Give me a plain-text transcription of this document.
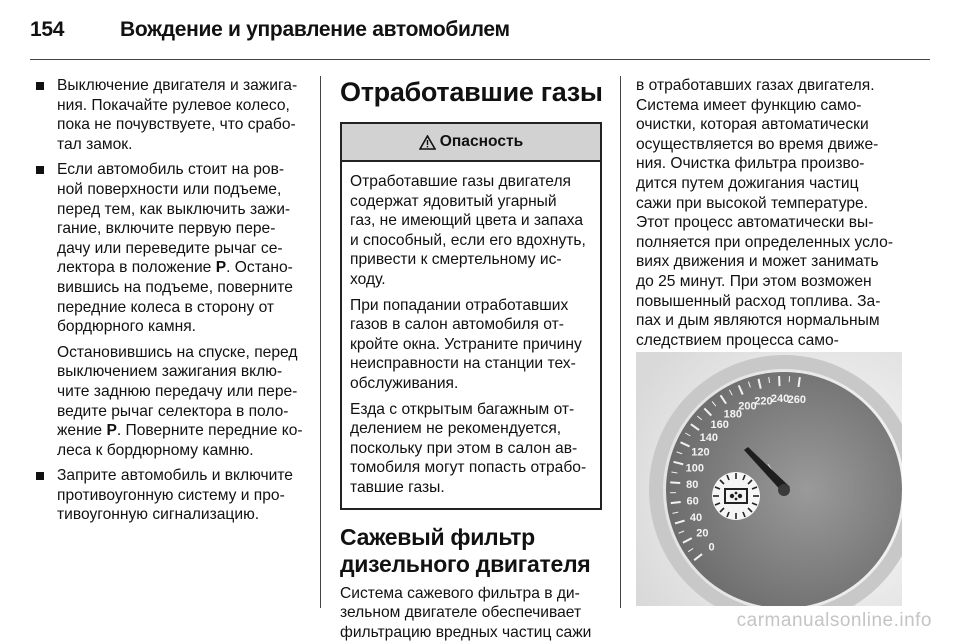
154	Вождение и управление автомобилем
Выключение двигателя и зажига-
ния. Покачайте рулевое колесо,
пока не почувствуете, что срабо-
тал замок.
Если автомобиль стоит на ров-
ной поверхности или подъеме,
перед тем, как выключить зажи-
гание, включите первую пере-
дачу или переведите рычаг се-
лектора в положение P. Остано-
вившись на подъеме, поверните
передние колеса в сторону от
бордюрного камня.
Остановившись на спуске, перед
выключением зажигания вклю-
чите заднюю передачу или пере-
ведите рычаг селектора в поло-
жение P. Поверните передние ко-
леса к бордюрному камню.
Заприте автомобиль и включите
противоугонную систему и про-
тивоугонную сигнализацию.
Отработавшие газы
Опасность

Отработавшие газы двигателя
содержат ядовитый угарный
газ, не имеющий цвета и запаха
и способный, если его вдохнуть,
привести к смертельному ис-
ходу.

При попадании отработавших
газов в салон автомобиля от-
кройте окна. Устраните причину
неисправности на станции тех-
обслуживания.

Езда с открытым багажным от-
делением не рекомендуется,
поскольку при этом в салон ав-
томобиля могут попасть отрабо-
тавшие газы.

Сажевый фильтр
дизельного двигателя
Система сажевого фильтра в ди-
зельном двигателе обеспечивает
фильтрацию вредных частиц сажи
в отработавших газах двигателя.
Система имеет функцию само-
очистки, которая автоматически
осуществляется во время движе-
ния. Очистка фильтра произво-
дится путем дожигания частиц
сажи при высокой температуре.
Этот процесс автоматически вы-
полняется при определенных усло-
виях движения и может занимать
до 25 минут. При этом возможен
повышенный расход топлива. За-
пах и дым являются нормальным
следствием процесса само-
0
20
40
60
80
100
120
140
160
180
200
220
240
260
carmanualsonline.info
